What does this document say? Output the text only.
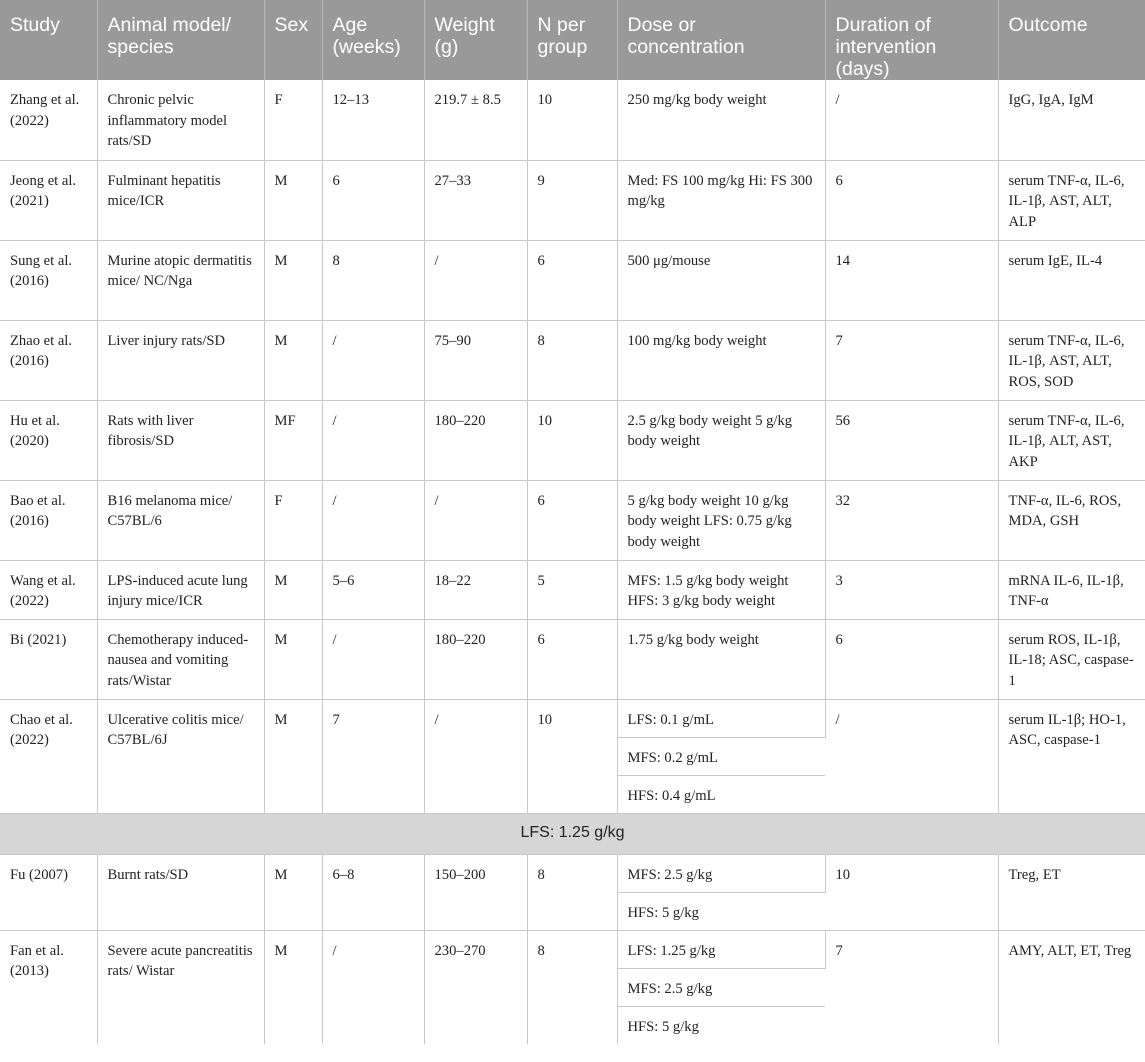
Study	Animal model/ species	Sex	Age (weeks)	Weight (g)	N per group	Dose or concentration	Duration of intervention (days)	Outcome
Zhang et al. (2022)	Chronic pelvic inflammatory model rats/SD	F	12–13	219.7 ± 8.5	10	250 mg/kg body weight	/	IgG, IgA, IgM
Jeong et al. (2021)	Fulminant hepatitis mice/ICR	M	6	27–33	9	Med: FS 100 mg/kg Hi: FS 300 mg/kg	6	serum TNF-α, IL-6, IL-1β, AST, ALT, ALP
Sung et al. (2016)	Murine atopic dermatitis mice/ NC/Nga	M	8	/	6	500 μg/mouse	14	serum IgE, IL-4
Zhao et al. (2016)	Liver injury rats/SD	M	/	75–90	8	100 mg/kg body weight	7	serum TNF-α, IL-6, IL-1β, AST, ALT, ROS, SOD
Hu et al. (2020)	Rats with liver fibrosis/SD	MF	/	180–220	10	2.5 g/kg body weight 5 g/kg body weight	56	serum TNF-α, IL-6, IL-1β, ALT, AST, AKP
Bao et al. (2016)	B16 melanoma mice/ C57BL/6	F	/	/	6	5 g/kg body weight 10 g/kg body weight LFS: 0.75 g/kg body weight	32	TNF-α, IL-6, ROS, MDA, GSH
Wang et al. (2022)	LPS-induced acute lung injury mice/ICR	M	5–6	18–22	5	MFS: 1.5 g/kg body weight HFS: 3 g/kg body weight	3	mRNA IL-6, IL-1β, TNF-α
Bi (2021)	Chemotherapy induced-nausea and vomiting rats/Wistar	M	/	180–220	6	1.75 g/kg body weight	6	serum ROS, IL-1β, IL-18; ASC, caspase-1
Chao et al. (2022)	Ulcerative colitis mice/ C57BL/6J	M	7	/	10	LFS: 0.1 g/mL	/	serum IL-1β; HO-1, ASC, caspase-1
						MFS: 0.2 g/mL		
						HFS: 0.4 g/mL		
LFS: 1.25 g/kg								
Fu (2007)	Burnt rats/SD	M	6–8	150–200	8	MFS: 2.5 g/kg	10	Treg, ET
						HFS: 5 g/kg		
Fan et al. (2013)	Severe acute pancreatitis rats/ Wistar	M	/	230–270	8	LFS: 1.25 g/kg	7	AMY, ALT, ET, Treg
						MFS: 2.5 g/kg		
						HFS: 5 g/kg		
